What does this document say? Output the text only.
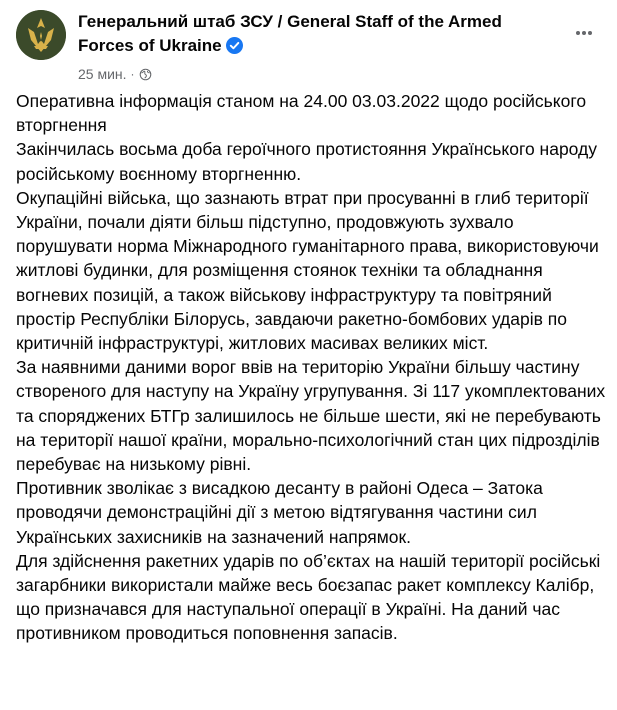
Генеральний штаб ЗСУ / General Staff of the Armed Forces of Ukraine
25 мин. ·

Оперативна інформація станом на 24.00 03.03.2022 щодо російського вторгнення

Закінчилась восьма доба героїчного протистояння Українського народу російському воєнному вторгненню.

Окупаційні війська, що зазнають втрат при просуванні в глиб території України, почали діяти більш підступно, продовжують зухвало порушувати норма Міжнародного гуманітарного права, використовуючи житлові будинки, для розміщення стоянок техніки та обладнання вогневих позицій, а також військову інфраструктуру та повітряний простір Республіки Білорусь, завдаючи ракетно-бомбових ударів по критичній інфраструктурі, житлових масивах великих міст.

За наявними даними ворог ввів на територію України більшу частину створеного для наступу на Україну угрупування. Зі 117 укомплектованих та споряджених БТГр залишилось не більше шести, які не перебувають на території нашої країни, морально-психологічний стан цих підрозділів перебуває на низькому рівні.

Противник зволікає з висадкою десанту в районі Одеса – Затока проводячи демонстраційні дії з метою відтягування частини сил Українських захисників на зазначений напрямок.

Для здійснення ракетних ударів по об’єктах на нашій території російські загарбники використали майже весь боєзапас ракет комплексу Калібр, що призначався для наступальної операції в Україні. На даний час противником проводиться поповнення запасів.
